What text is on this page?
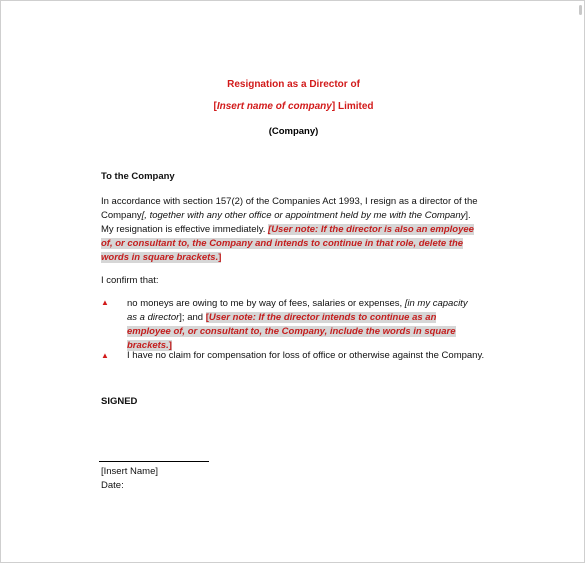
Resignation as a Director of
[Insert name of company] Limited
(Company)
To the Company
In accordance with section 157(2) of the Companies Act 1993, I resign as a director of the Company[, together with any other office or appointment held by me with the Company]. My resignation is effective immediately. [User note: If the director is also an employee of, or consultant to, the Company and intends to continue in that role, delete the words in square brackets.]
I confirm that:
▲ no moneys are owing to me by way of fees, salaries or expenses, [in my capacity as a director]; and [User note: If the director intends to continue as an employee of, or consultant to, the Company, include the words in square brackets.]
▲ I have no claim for compensation for loss of office or otherwise against the Company.
SIGNED
[Insert Name]
Date:
